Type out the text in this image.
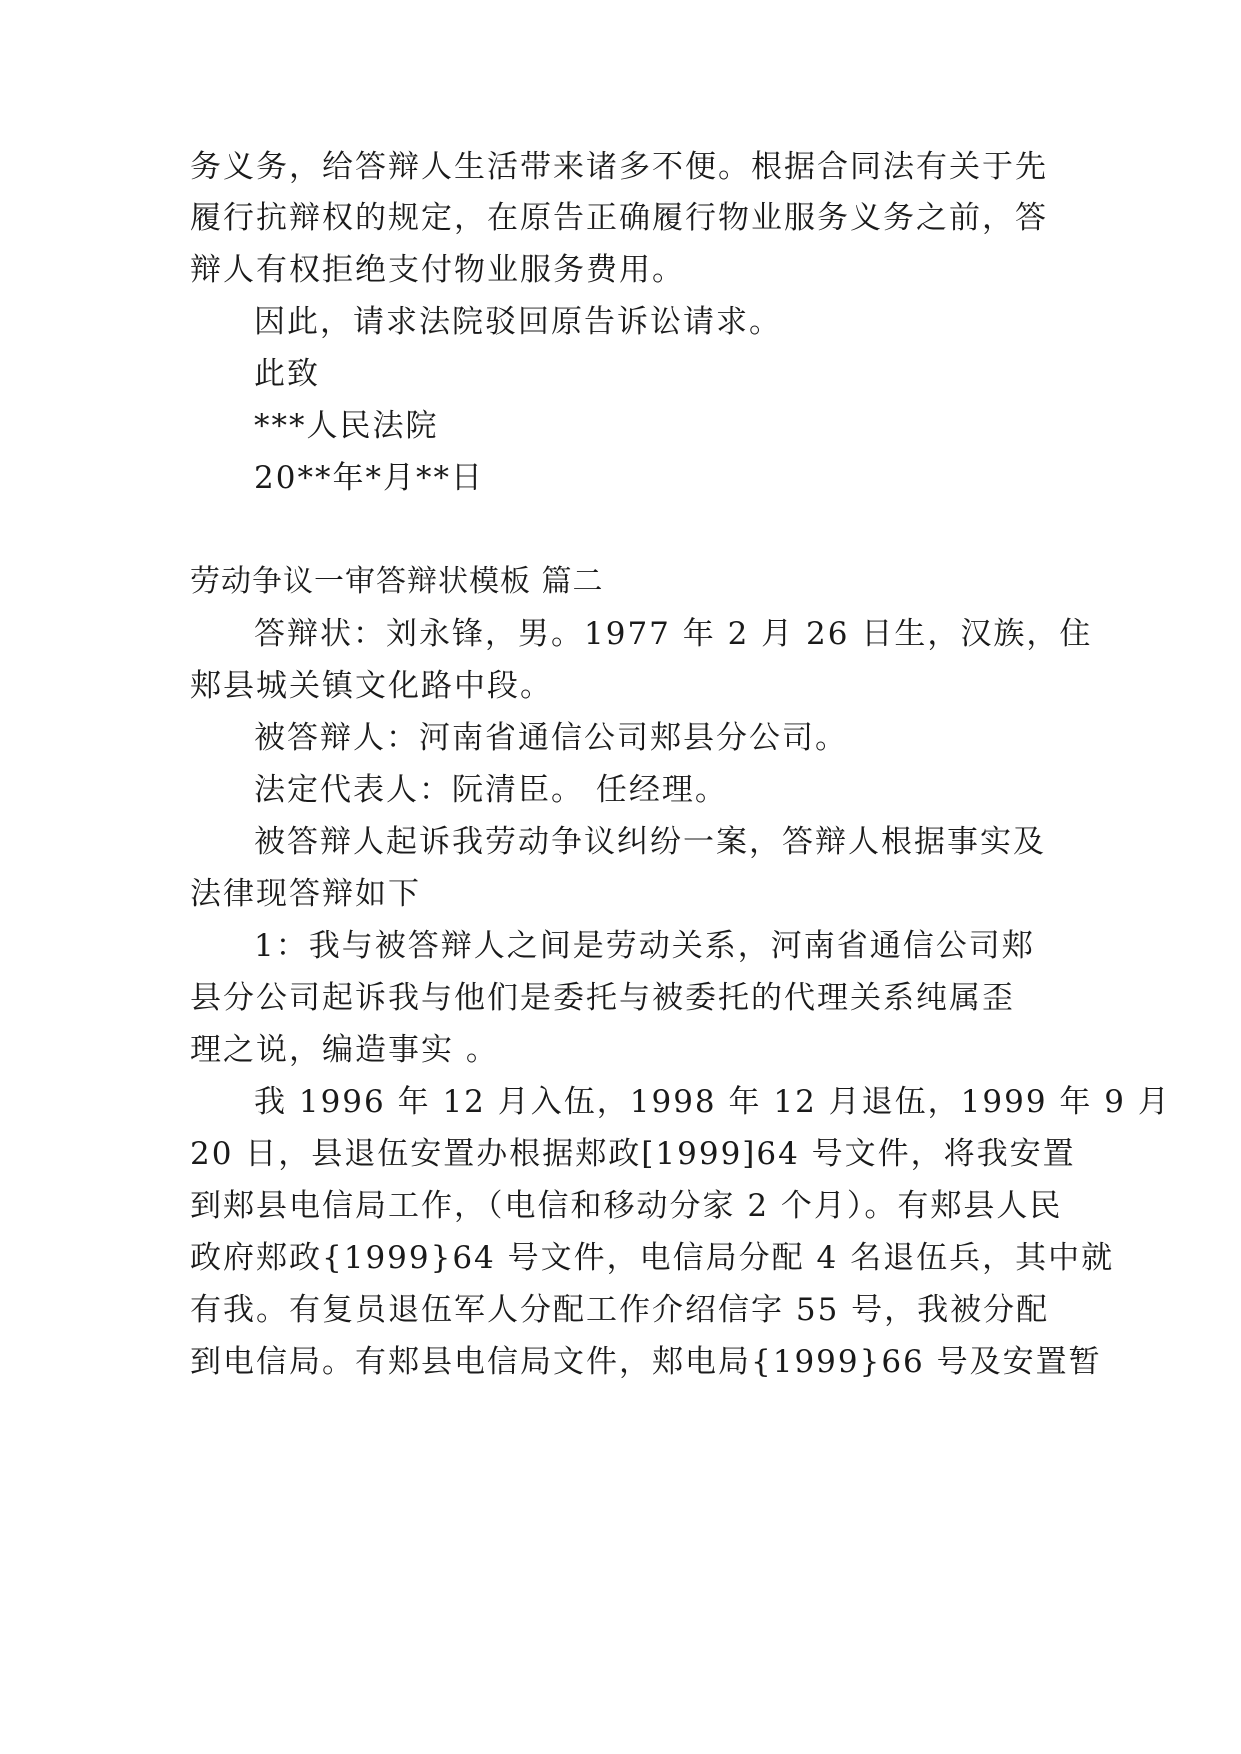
务义务，给答辩人生活带来诸多不便。根据合同法有关于先
履行抗辩权的规定，在原告正确履行物业服务义务之前，答
辩人有权拒绝支付物业服务费用。
因此，请求法院驳回原告诉讼请求。
此致
***人民法院
20**年*月**日
劳动争议一审答辩状模板 篇二
答辩状：刘永锋，男。1977 年 2 月 26 日生，汉族，住
郏县城关镇文化路中段。
被答辩人：河南省通信公司郏县分公司。
法定代表人：阮清臣。 任经理。
被答辩人起诉我劳动争议纠纷一案，答辩人根据事实及
法律现答辩如下
1：我与被答辩人之间是劳动关系，河南省通信公司郏
县分公司起诉我与他们是委托与被委托的代理关系纯属歪
理之说，编造事实 。
我 1996 年 12 月入伍，1998 年 12 月退伍，1999 年 9 月
20 日，县退伍安置办根据郏政[1999]64 号文件，将我安置
到郏县电信局工作，（电信和移动分家 2 个月）。有郏县人民
政府郏政{1999}64 号文件，电信局分配 4 名退伍兵，其中就
有我。有复员退伍军人分配工作介绍信字 55 号，我被分配
到电信局。有郏县电信局文件，郏电局{1999}66 号及安置暂
